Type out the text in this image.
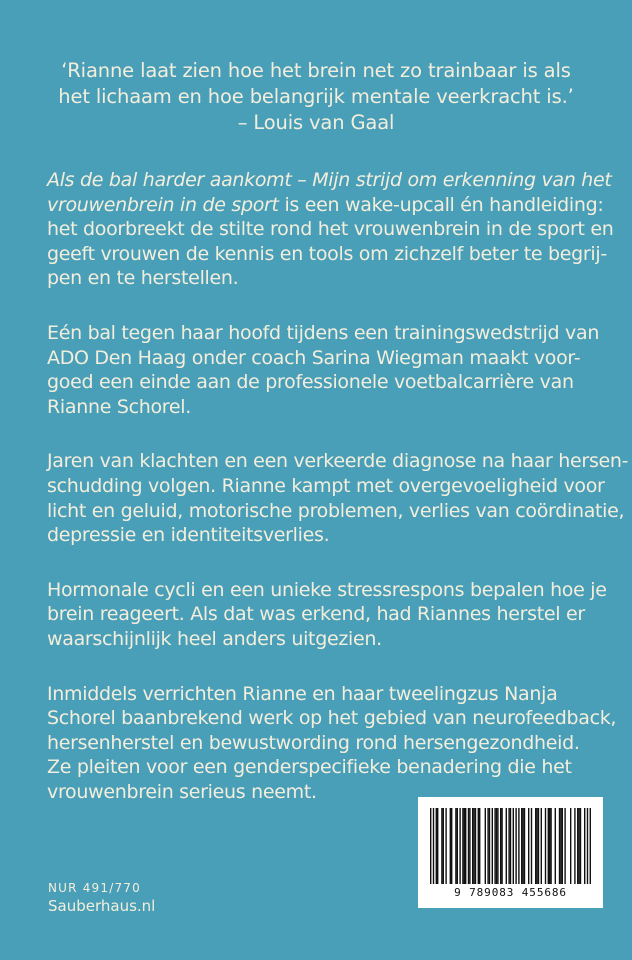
‘Rianne laat zien hoe het brein net zo trainbaar is als
het lichaam en hoe belangrijk mentale veerkracht is.’
– Louis van Gaal

Als de bal harder aankomt – Mijn strijd om erkenning van het
vrouwenbrein in de sport is een wake-upcall én handleiding:
het doorbreekt de stilte rond het vrouwenbrein in de sport en
geeft vrouwen de kennis en tools om zichzelf beter te begrij-
pen en te herstellen.

Eén bal tegen haar hoofd tijdens een trainingswedstrijd van
ADO Den Haag onder coach Sarina Wiegman maakt voor-
goed een einde aan de professionele voetbalcarrière van
Rianne Schorel.

Jaren van klachten en een verkeerde diagnose na haar hersen-
schudding volgen. Rianne kampt met overgevoeligheid voor
licht en geluid, motorische problemen, verlies van coördinatie,
depressie en identiteitsverlies.

Hormonale cycli en een unieke stressrespons bepalen hoe je
brein reageert. Als dat was erkend, had Riannes herstel er
waarschijnlijk heel anders uitgezien.

Inmiddels verrichten Rianne en haar tweelingzus Nanja
Schorel baanbrekend werk op het gebied van neurofeedback,
hersenherstel en bewustwording rond hersengezondheid.
Ze pleiten voor een genderspecifieke benadering die het
vrouwenbrein serieus neemt.

NUR 491/770
Sauberhaus.nl
9 789083 455686
